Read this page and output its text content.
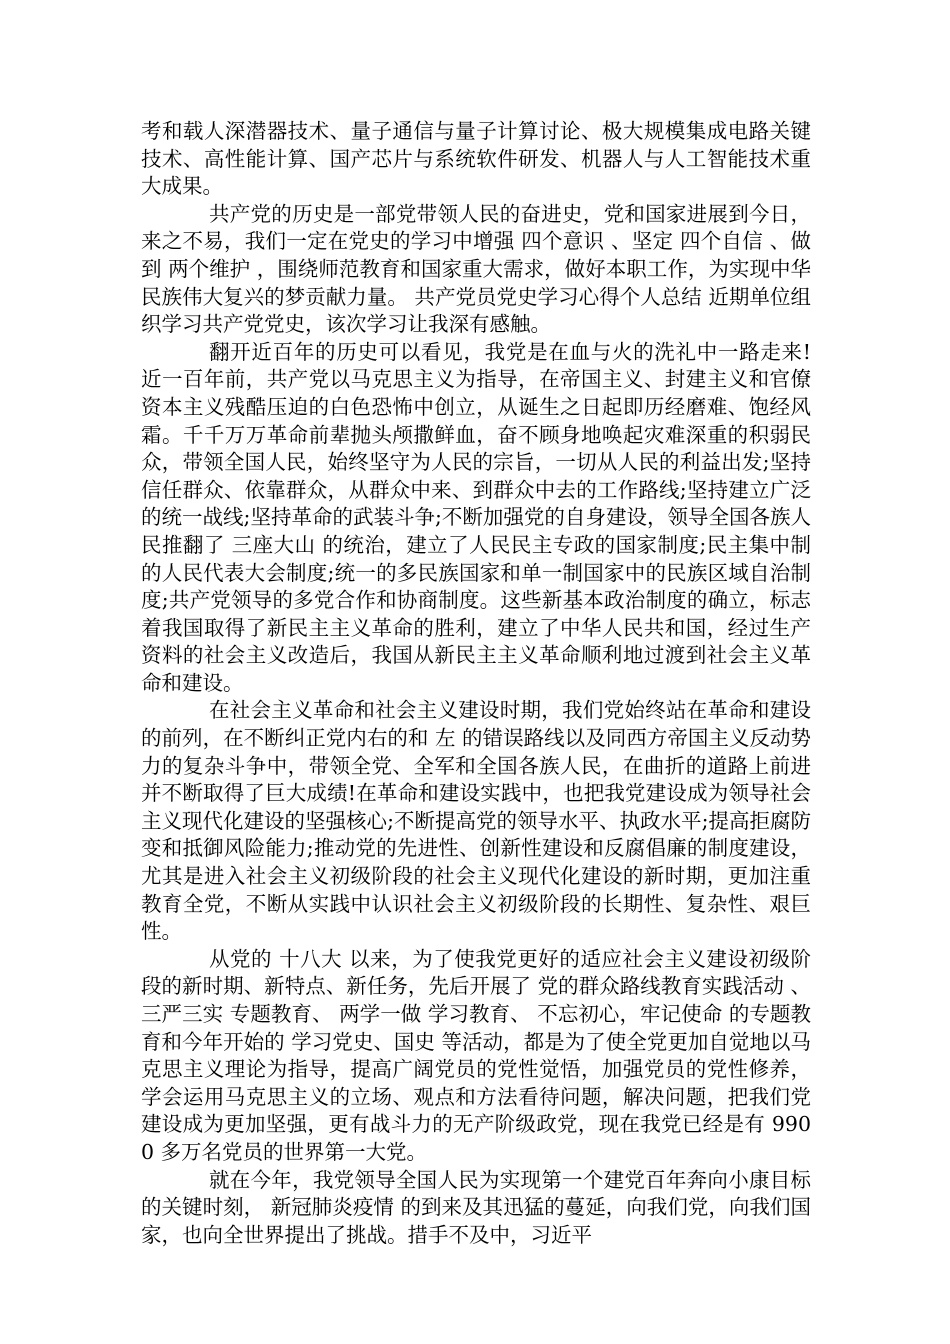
考和载人深潜器技术、量子通信与量子计算讨论、极大规模集成电路关键技术、高性能计算、国产芯片与系统软件研发、机器人与人工智能技术重大成果。

共产党的历史是一部党带领人民的奋进史，党和国家进展到今日，来之不易，我们一定在党史的学习中增强 四个意识 、坚定 四个自信 、做到 两个维护 ，围绕师范教育和国家重大需求，做好本职工作，为实现中华民族伟大复兴的梦贡献力量。 共产党员党史学习心得个人总结 近期单位组织学习共产党党史，该次学习让我深有感触。

翻开近百年的历史可以看见，我党是在血与火的洗礼中一路走来!近一百年前，共产党以马克思主义为指导，在帝国主义、封建主义和官僚资本主义残酷压迫的白色恐怖中创立，从诞生之日起即历经磨难、饱经风霜。千千万万革命前辈抛头颅撒鲜血，奋不顾身地唤起灾难深重的积弱民众，带领全国人民，始终坚守为人民的宗旨，一切从人民的利益出发;坚持信任群众、依靠群众，从群众中来、到群众中去的工作路线;坚持建立广泛的统一战线;坚持革命的武装斗争;不断加强党的自身建设，领导全国各族人民推翻了 三座大山 的统治，建立了人民民主专政的国家制度;民主集中制的人民代表大会制度;统一的多民族国家和单一制国家中的民族区域自治制度;共产党领导的多党合作和协商制度。这些新基本政治制度的确立，标志着我国取得了新民主主义革命的胜利，建立了中华人民共和国，经过生产资料的社会主义改造后，我国从新民主主义革命顺利地过渡到社会主义革命和建设。

在社会主义革命和社会主义建设时期，我们党始终站在革命和建设的前列，在不断纠正党内右的和 左 的错误路线以及同西方帝国主义反动势力的复杂斗争中，带领全党、全军和全国各族人民，在曲折的道路上前进并不断取得了巨大成绩!在革命和建设实践中，也把我党建设成为领导社会主义现代化建设的坚强核心;不断提高党的领导水平、执政水平;提高拒腐防变和抵御风险能力;推动党的先进性、创新性建设和反腐倡廉的制度建设，尤其是进入社会主义初级阶段的社会主义现代化建设的新时期，更加注重教育全党，不断从实践中认识社会主义初级阶段的长期性、复杂性、艰巨性。

从党的 十八大 以来，为了使我党更好的适应社会主义建设初级阶段的新时期、新特点、新任务，先后开展了 党的群众路线教育实践活动 、 三严三实 专题教育、 两学一做 学习教育、 不忘初心，牢记使命 的专题教育和今年开始的 学习党史、国史 等活动，都是为了使全党更加自觉地以马克思主义理论为指导，提高广阔党员的党性觉悟，加强党员的党性修养，学会运用马克思主义的立场、观点和方法看待问题，解决问题，把我们党建设成为更加坚强，更有战斗力的无产阶级政党，现在我党已经是有 9900 多万名党员的世界第一大党。

就在今年，我党领导全国人民为实现第一个建党百年奔向小康目标的关键时刻， 新冠肺炎疫情 的到来及其迅猛的蔓延，向我们党，向我们国家，也向全世界提出了挑战。措手不及中，习近平
